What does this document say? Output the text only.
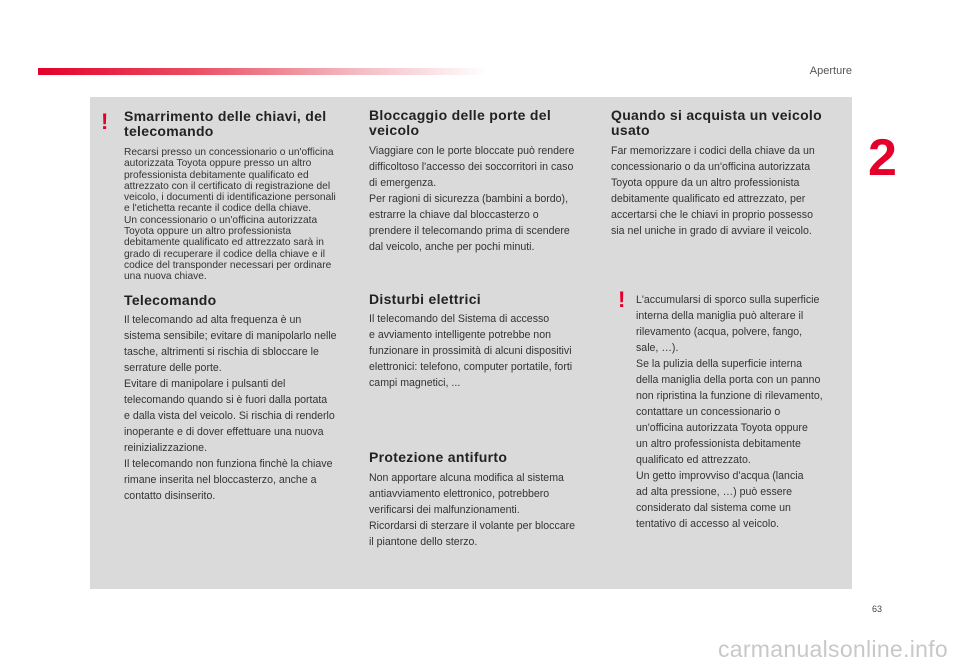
Aperture
2
! Smarrimento delle chiavi, del
telecomando

Recarsi presso un concessionario o un'officina
autorizzata Toyota oppure presso un altro
professionista debitamente qualificato ed
attrezzato con il certificato di registrazione del
veicolo, i documenti di identificazione personali
e l'etichetta recante il codice della chiave.
Un concessionario o un'officina autorizzata
Toyota oppure un altro professionista
debitamente qualificato ed attrezzato sarà in
grado di recuperare il codice della chiave e il
codice del transponder necessari per ordinare
una nuova chiave.

Telecomando

Il telecomando ad alta frequenza è un
sistema sensibile; evitare di manipolarlo nelle
tasche, altrimenti si rischia di sbloccare le
serrature delle porte.
Evitare di manipolare i pulsanti del
telecomando quando si è fuori dalla portata
e dalla vista del veicolo. Si rischia di renderlo
inoperante e di dover effettuare una nuova
reinizializzazione.
Il telecomando non funziona finchè la chiave
rimane inserita nel bloccasterzo, anche a
contatto disinserito.

Bloccaggio delle porte del
veicolo

Viaggiare con le porte bloccate può rendere
difficoltoso l'accesso dei soccorritori in caso
di emergenza.
Per ragioni di sicurezza (bambini a bordo),
estrarre la chiave dal bloccasterzo o
prendere il telecomando prima di scendere
dal veicolo, anche per pochi minuti.

Disturbi elettrici

Il telecomando del Sistema di accesso
e avviamento intelligente potrebbe non
funzionare in prossimità di alcuni dispositivi
elettronici: telefono, computer portatile, forti
campi magnetici, ...

Protezione antifurto

Non apportare alcuna modifica al sistema
antiavviamento elettronico, potrebbero
verificarsi dei malfunzionamenti.
Ricordarsi di sterzare il volante per bloccare
il piantone dello sterzo.

Quando si acquista un veicolo
usato

Far memorizzare i codici della chiave da un
concessionario o da un'officina autorizzata
Toyota oppure da un altro professionista
debitamente qualificato ed attrezzato, per
accertarsi che le chiavi in proprio possesso
sia nel uniche in grado di avviare il veicolo.

! L'accumularsi di sporco sulla superficie
interna della maniglia può alterare il
rilevamento (acqua, polvere, fango,
sale, …).
Se la pulizia della superficie interna
della maniglia della porta con un panno
non ripristina la funzione di rilevamento,
contattare un concessionario o
un'officina autorizzata Toyota oppure
un altro professionista debitamente
qualificato ed attrezzato.
Un getto improvviso d'acqua (lancia
ad alta pressione, …) può essere
considerato dal sistema come un
tentativo di accesso al veicolo.

63
carmanualsonline.info
